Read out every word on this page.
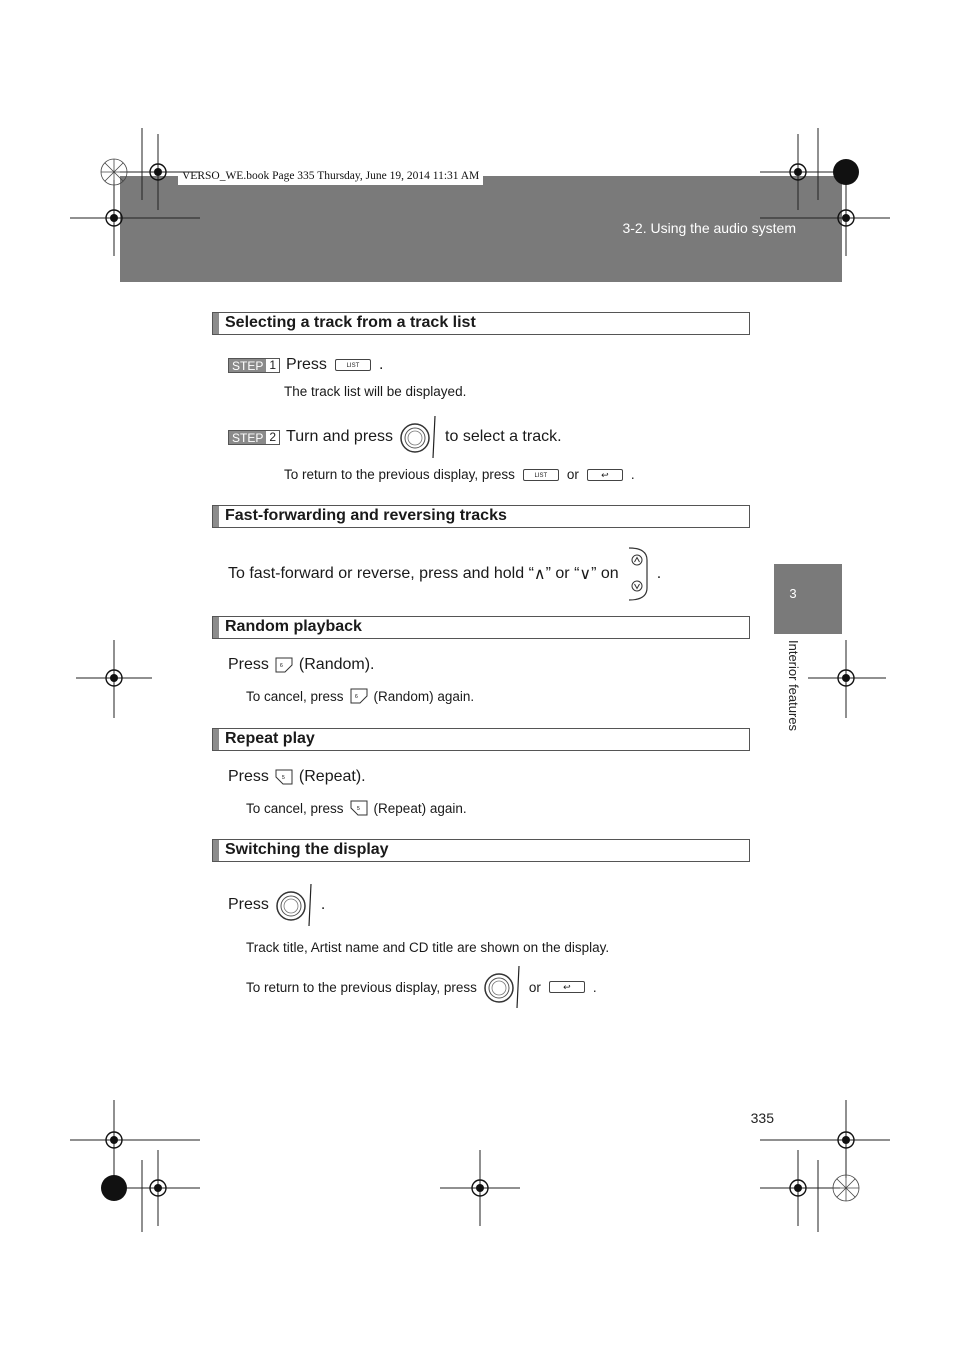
3-2. Using the audio system
VERSO_WE.book Page 335 Thursday, June 19, 2014 11:31 AM
3
Interior features
Selecting a track from a track list
STEP 1 Press	LIST	.
The track list will be displayed.
STEP 2 Turn and press	to select a track.
To return to the previous display, press	LIST	or	↩	.
Fast-forwarding and reversing tracks
To fast-forward or reverse, press and hold “ ∧ ” or “ ∨ ” on .
Random playback
Press 6 (Random).
To cancel, press 6 (Random) again.
Repeat play
Press	5 (Repeat).
To cancel, press	5 (Repeat) again.
Switching the display
Press	.
Track title, Artist name and CD title are shown on the display.
To return to the previous display, press	or	↩	.
335
